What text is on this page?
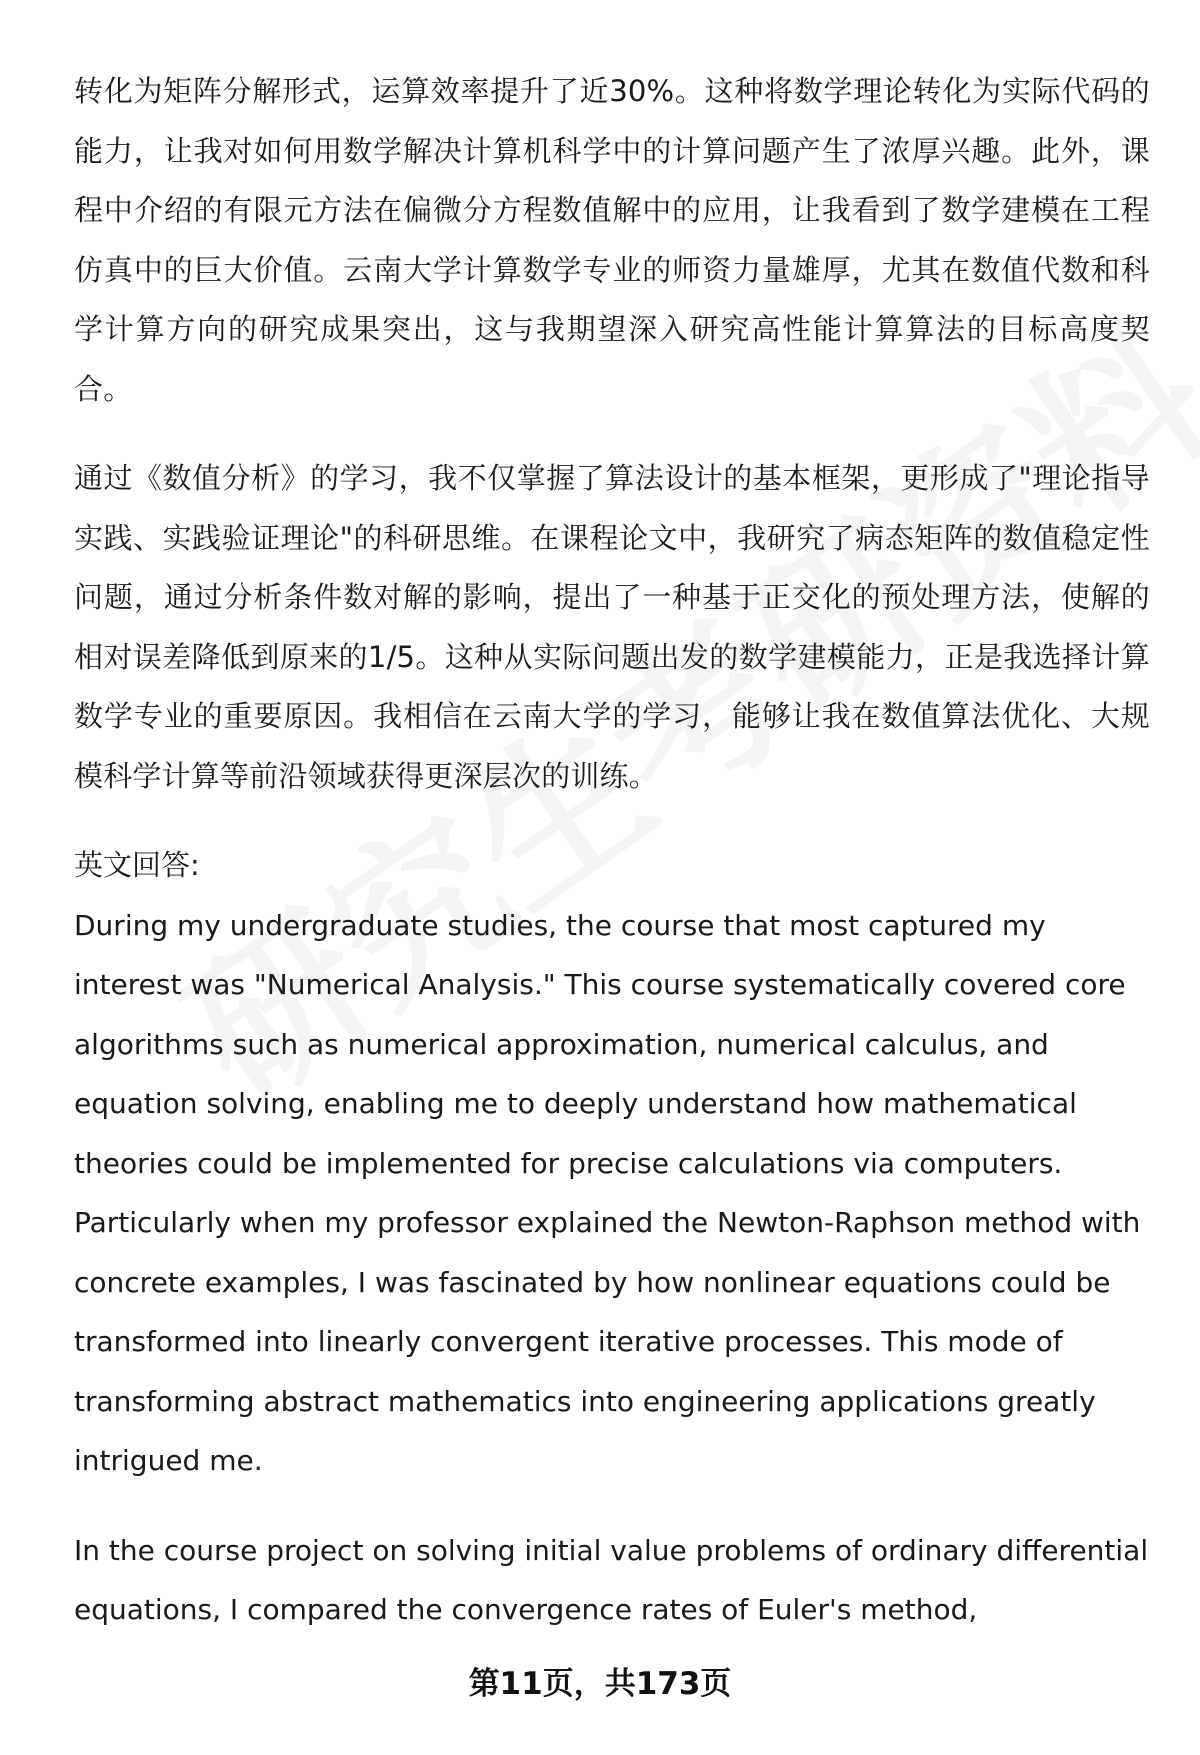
转化为矩阵分解形式，运算效率提升了近30%。这种将数学理论转化为实际代码的能力，让我对如何用数学解决计算机科学中的计算问题产生了浓厚兴趣。此外，课程中介绍的有限元方法在偏微分方程数值解中的应用，让我看到了数学建模在工程仿真中的巨大价值。云南大学计算数学专业的师资力量雄厚，尤其在数值代数和科学计算方向的研究成果突出，这与我期望深入研究高性能计算算法的目标高度契合。

通过《数值分析》的学习，我不仅掌握了算法设计的基本框架，更形成了"理论指导实践、实践验证理论"的科研思维。在课程论文中，我研究了病态矩阵的数值稳定性问题，通过分析条件数对解的影响，提出了一种基于正交化的预处理方法，使解的相对误差降低到原来的1/5。这种从实际问题出发的数学建模能力，正是我选择计算数学专业的重要原因。我相信在云南大学的学习，能够让我在数值算法优化、大规模科学计算等前沿领域获得更深层次的训练。

英文回答:

During my undergraduate studies, the course that most captured my interest was "Numerical Analysis." This course systematically covered core algorithms such as numerical approximation, numerical calculus, and equation solving, enabling me to deeply understand how mathematical theories could be implemented for precise calculations via computers. Particularly when my professor explained the Newton-Raphson method with concrete examples, I was fascinated by how nonlinear equations could be transformed into linearly convergent iterative processes. This mode of transforming abstract mathematics into engineering applications greatly intrigued me.

In the course project on solving initial value problems of ordinary differential equations, I compared the convergence rates of Euler's method,

第11页，共173页
